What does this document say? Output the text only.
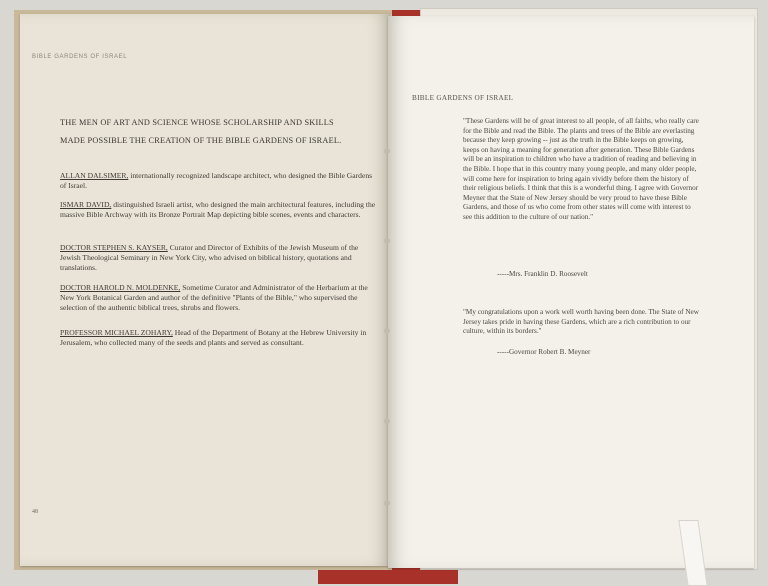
BIBLE GARDENS OF ISRAEL
THE MEN OF ART AND SCIENCE WHOSE SCHOLARSHIP AND SKILLS
MADE POSSIBLE THE CREATION OF THE BIBLE GARDENS OF ISRAEL.
ALLAN DALSIMER, internationally recognized landscape architect, who designed the Bible Gardens of Israel.
ISMAR DAVID, distinguished Israeli artist, who designed the main architectural features, including the massive Bible Archway with its Bronze Portrait Map depicting bible scenes, events and characters.
DOCTOR STEPHEN S. KAYSER, Curator and Director of Exhibits of the Jewish Museum of the Jewish Theological Seminary in New York City, who advised on biblical history, quotations and translations.
DOCTOR HAROLD N. MOLDENKE, Sometime Curator and Administrator of the Herbarium at the New York Botanical Garden and author of the definitive "Plants of the Bible," who supervised the selection of the authentic biblical trees, shrubs and flowers.
PROFESSOR MICHAEL ZOHARY, Head of the Department of Botany at the Hebrew University in Jerusalem, who collected many of the seeds and plants and served as consultant.
48
BIBLE GARDENS OF ISRAEL
"These Gardens will be of great interest to all people, of all faiths, who really care for the Bible and read the Bible. The plants and trees of the Bible are everlasting because they keep growing -- just as the truth in the Bible keeps on growing, keeps on having a meaning for generation after generation. These Bible Gardens will be an inspiration to children who have a tradition of reading and believing in the Bible. I hope that in this country many young people, and many older people, will come here for inspiration to bring again vividly before them the history of their religious beliefs. I think that this is a wonderful thing. I agree with Governor Meyner that the State of New Jersey should be very proud to have these Bible Gardens, and those of us who come from other states will come with interest to see this addition to the culture of our nation."
-----Mrs. Franklin D. Roosevelt
"My congratulations upon a work well worth having been done. The State of New Jersey takes pride in having these Gardens, which are a rich contribution to our culture, within its borders."
-----Governor Robert B. Meyner
